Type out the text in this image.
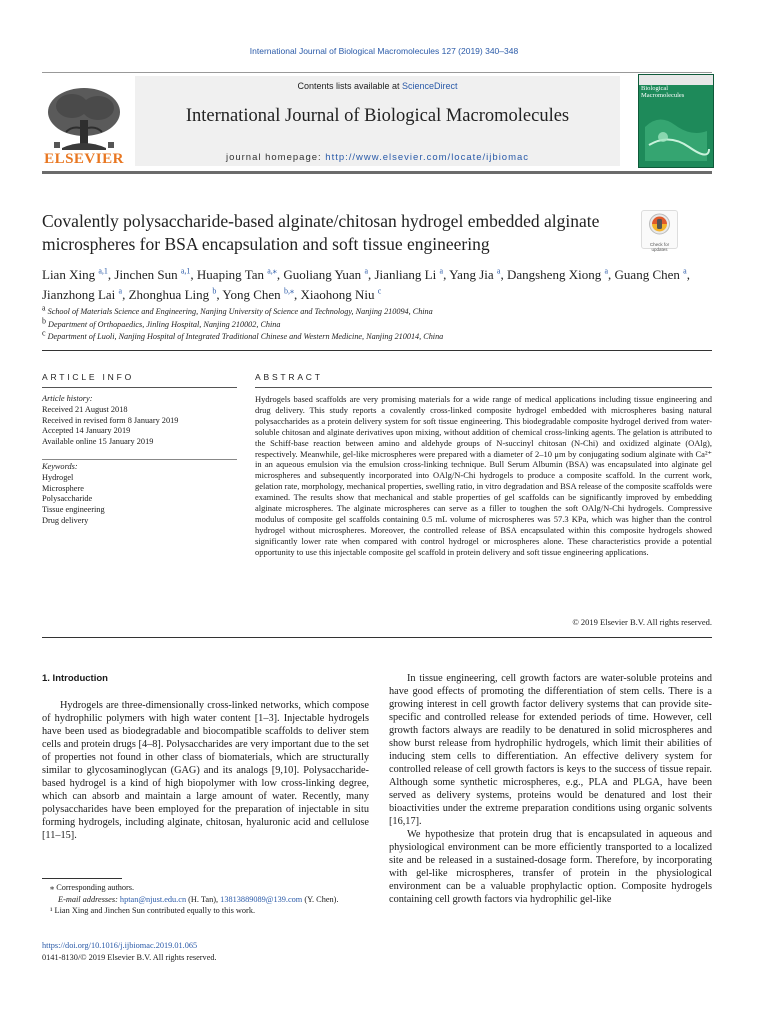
International Journal of Biological Macromolecules 127 (2019) 340–348
ELSEVIER
Contents lists available at ScienceDirect
International Journal of Biological Macromolecules
journal homepage: http://www.elsevier.com/locate/ijbiomac
Biological
Macromolecules
Covalently polysaccharide-based alginate/chitosan hydrogel embedded alginate microspheres for BSA encapsulation and soft tissue engineering	Check for updates
Lian Xing $^{a,1}$, Jinchen Sun $^{a,1}$, Huaping Tan $^{a,⁎}$, Guoliang Yuan $^a$, Jianliang Li $^a$, Yang Jia $^a$, Dangsheng Xiong $^a$, Guang Chen $^a$, Jianzhong Lai $^a$, Zhonghua Ling $^b$, Yong Chen $^{b,⁎}$, Xiaohong Niu $^c$
$^a$ School of Materials Science and Engineering, Nanjing University of Science and Technology, Nanjing 210094, China
$^b$ Department of Orthopaedics, Jinling Hospital, Nanjing 210002, China
$^c$ Department of Luoli, Nanjing Hospital of Integrated Traditional Chinese and Western Medicine, Nanjing 210014, China
ARTICLE INFO
Article history:
Received 21 August 2018
Received in revised form 8 January 2019
Accepted 14 January 2019
Available online 15 January 2019
Keywords:
Hydrogel
Microsphere
Polysaccharide
Tissue engineering
Drug delivery
ABSTRACT
Hydrogels based scaffolds are very promising materials for a wide range of medical applications including tissue engineering and drug delivery. This study reports a covalently cross-linked composite hydrogel embedded with microspheres basing natural polysaccharides as a protein delivery system for soft tissue engineering. This biodegradable composite hydrogel derived from water-soluble chitosan and alginate derivatives upon mixing, without addition of chemical cross-linking agents. The gelation is attributed to the Schiff-base reaction between amino and aldehyde groups of N-succinyl chitosan (N-Chi) and oxidized alginate (OAlg), respectively. Meanwhile, gel-like microspheres were prepared with a diameter of 2–10 μm by conjugating sodium alginate with Ca²⁺ in an aqueous emulsion via the emulsion cross-linking technique. Bull Serum Albumin (BSA) was encapsulated into alginate gel microspheres and subsequently incorporated into OAlg/N-Chi hydrogels to produce a composite scaffold. In the current work, gelation rate, morphology, mechanical properties, swelling ratio, in vitro degradation and BSA release of the composite scaffolds were examined. The results show that mechanical and stable properties of gel scaffolds can be significantly improved by embedding alginate microspheres. The alginate microspheres can serve as a filler to toughen the soft OAlg/N-Chi hydrogels. Compressive modulus of composite gel scaffolds containing 0.5 mL volume of microspheres was 57.3 KPa, which was higher than the control hydrogel without microspheres. Moreover, the controlled release of BSA encapsulated within this composite hydrogels showed significantly lower rate when compared with control hydrogel or microspheres alone. These characteristics provide a potential opportunity to use this injectable composite gel scaffold in protein delivery and soft tissue engineering applications.
© 2019 Elsevier B.V. All rights reserved.
1. Introduction

Hydrogels are three-dimensionally cross-linked networks, which compose of hydrophilic polymers with high water content [1–3]. Injectable hydrogels have been used as biodegradable and biocompatible scaffolds to deliver stem cells and protein drugs [4–8]. Polysaccharides are very important due to the set of properties not found in other class of biomaterials, which are structurally similar to glycosaminoglycan (GAG) and its analogs [9,10]. Polysaccharide-based hydrogel is a kind of high biopolymer with low cross-linking degree, which can absorb and maintain a large amount of water. Recently, many polysaccharides have been employed for the preparation of injectable in situ forming hydrogels, including alginate, chitosan, hyaluronic acid and cellulose [11–15].

In tissue engineering, cell growth factors are water-soluble proteins and have good effects of promoting the differentiation of stem cells. There is a growing interest in cell growth factor delivery systems that can provide site-specific and controlled release for extended periods of time. However, cell growth factors always are readily to be denatured in solid microspheres and show burst release from hydrophilic hydrogels, which limit their abilities of inducing stem cells to differentiation. An effective delivery system for controlled release of cell growth factors is keys to the success of tissue repair. Although some synthetic microspheres, e.g., PLA and PLGA, have been served as delivery systems, proteins would be denatured and lost their bioactivities under the extreme preparation conditions using organic solvents [16,17].

We hypothesize that protein drug that is encapsulated in aqueous and physiological environment can be more efficiently transported to a localized site and be released in a sustained-dosage form. Therefore, by incorporating with gel-like microspheres, transfer of protein in the physiological environment can be a valuable prophylactic option. Composite hydrogels containing cell growth factors via hydrophilic gel-like

⁎ Corresponding authors.
E-mail addresses: hptan@njust.edu.cn (H. Tan), 13813889089@139.com (Y. Chen).
¹ Lian Xing and Jinchen Sun contributed equally to this work.
https://doi.org/10.1016/j.ijbiomac.2019.01.065
0141-8130/© 2019 Elsevier B.V. All rights reserved.
